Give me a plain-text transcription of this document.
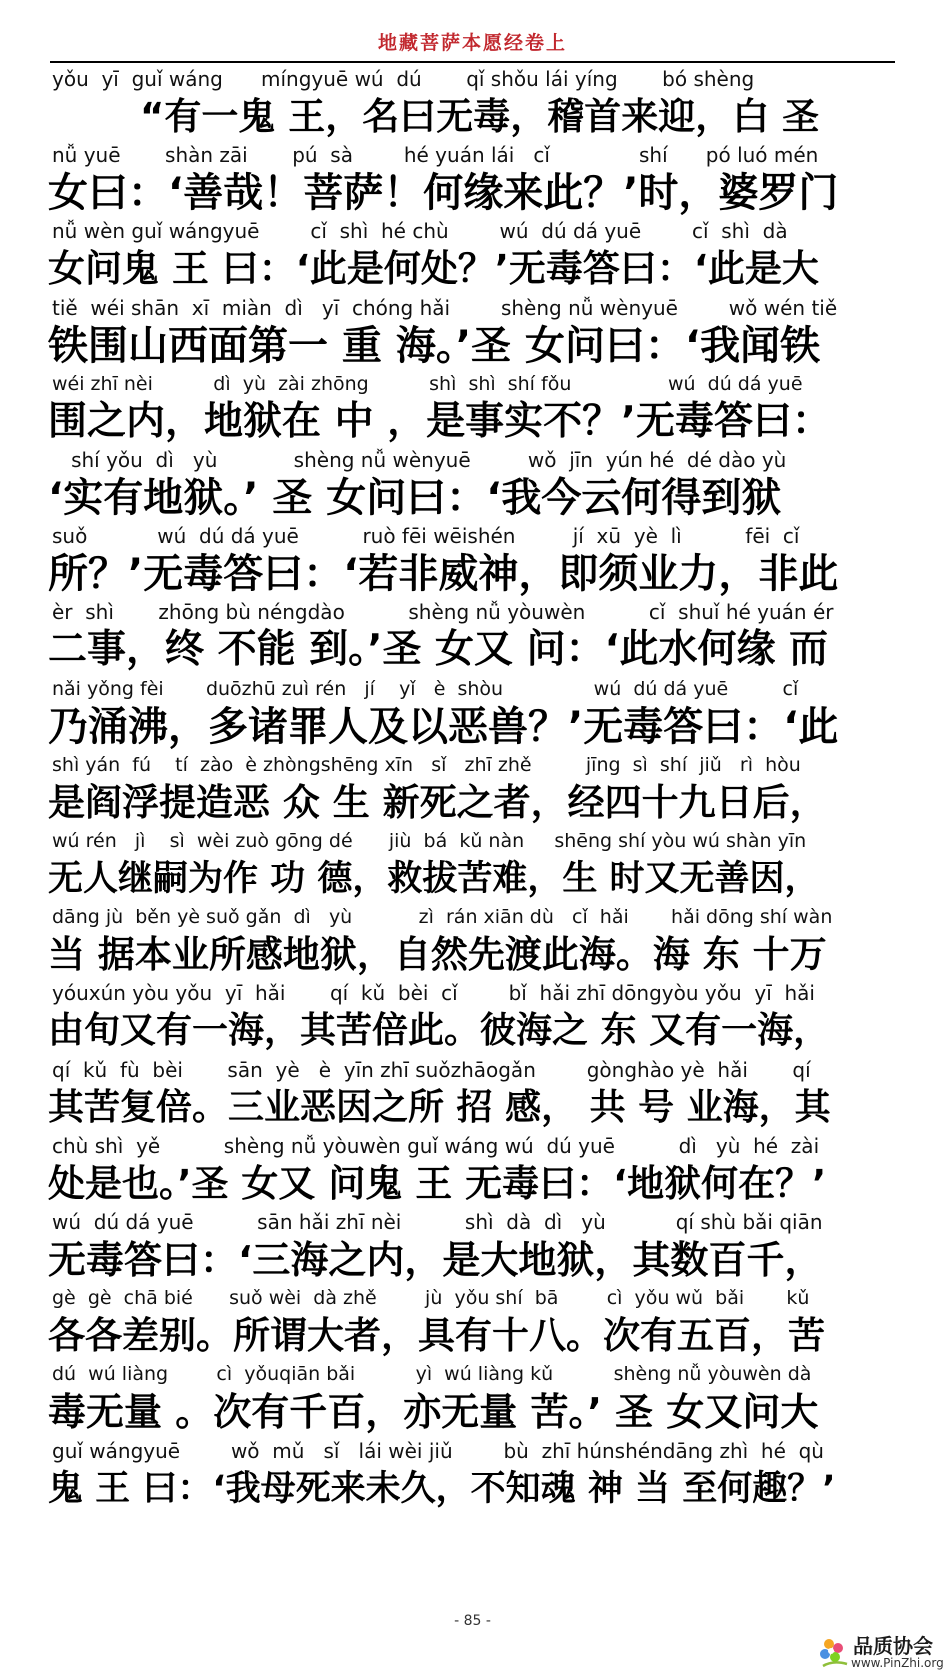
地藏菩萨本愿经卷上
yǒu  yī  guǐ wáng      míngyuē wú  dú       qǐ shǒu lái yíng       bó shèng
“有一鬼 王，名曰无毒，稽首来迎，白 圣
nǚ yuē       shàn zāi       pú  sà        hé yuán lái   cǐ              shí      pó luó mén
女曰：‘善哉！菩萨！何缘来此？’时，婆罗门
nǚ wèn guǐ wángyuē        cǐ  shì  hé chù        wú  dú dá yuē        cǐ  shì  dà
女问鬼 王 曰：‘此是何处？’无毒答曰：‘此是大
tiě  wéi shān  xī  miàn  dì   yī  chóng hǎi        shèng nǚ wènyuē        wǒ wén tiě
铁围山西面第一 重 海。’圣 女问曰：‘我闻铁
wéi zhī nèi          dì  yù  zài zhōng          shì  shì  shí fǒu                wú  dú dá yuē
围之内，地狱在 中 ，是事实不？’无毒答曰：
shí yǒu  dì   yù            shèng nǚ wènyuē         wǒ  jīn  yún hé  dé dào yù
‘实有地狱。’ 圣 女问曰：‘我今云何得到狱
suǒ           wú  dú dá yuē          ruò fēi wēishén         jí  xū  yè  lì          fēi  cǐ
所？’无毒答曰：‘若非威神，即须业力，非此
èr  shì       zhōng bù néngdào          shèng nǚ yòuwèn          cǐ  shuǐ hé yuán ér
二事，终 不能 到。’圣 女又 问：‘此水何缘 而
nǎi yǒng fèi       duōzhū zuì rén   jí    yǐ   è  shòu               wú  dú dá yuē         cǐ
乃涌沸，多诸罪人及以恶兽？’无毒答曰：‘此
shì yán  fú    tí  zào  è zhòngshēng xīn   sǐ   zhī zhě         jīng  sì  shí  jiǔ   rì  hòu
是阎浮提造恶 众 生 新死之者，经四十九日后，
wú rén   jì    sì  wèi zuò gōng dé      jiù  bá  kǔ nàn     shēng shí yòu wú shàn yīn
无人继嗣为作 功 德，救拔苦难，生 时又无善因，
dāng jù  běn yè suǒ gǎn  dì   yù           zì  rán xiān dù   cǐ  hǎi       hǎi dōng shí wàn
当 据本业所感地狱，自然先渡此海。海 东 十万
yóuxún yòu yǒu  yī  hǎi       qí  kǔ  bèi  cǐ        bǐ  hǎi zhī dōngyòu yǒu  yī  hǎi
由旬又有一海，其苦倍此。彼海之 东 又有一海，
qí  kǔ  fù  bèi       sān  yè   è  yīn zhī suǒzhāogǎn        gònghào yè  hǎi       qí
其苦复倍。三业恶因之所 招 感， 共 号 业海，其
chù shì  yě          shèng nǚ yòuwèn guǐ wáng wú  dú yuē          dì   yù  hé  zài
处是也。’圣 女又 问鬼 王 无毒曰：‘地狱何在？’
wú  dú dá yuē          sān hǎi zhī nèi          shì  dà  dì   yù           qí shù bǎi qiān
无毒答曰：‘三海之内，是大地狱，其数百千，
gè  gè  chā bié      suǒ wèi  dà zhě        jù  yǒu shí  bā        cì  yǒu wǔ  bǎi       kǔ
各各差别。所谓大者，具有十八。次有五百，苦
dú  wú liàng        cì  yǒuqiān bǎi          yì  wú liàng kǔ          shèng nǚ yòuwèn dà
毒无量 。次有千百，亦无量 苦。’ 圣 女又问大
guǐ wángyuē        wǒ  mǔ   sǐ   lái wèi jiǔ        bù  zhī húnshéndāng zhì  hé  qù
鬼 王 曰：‘我母死来未久，不知魂 神 当 至何趣？’
- 85 -
品质协会
www.PinZhi.org
